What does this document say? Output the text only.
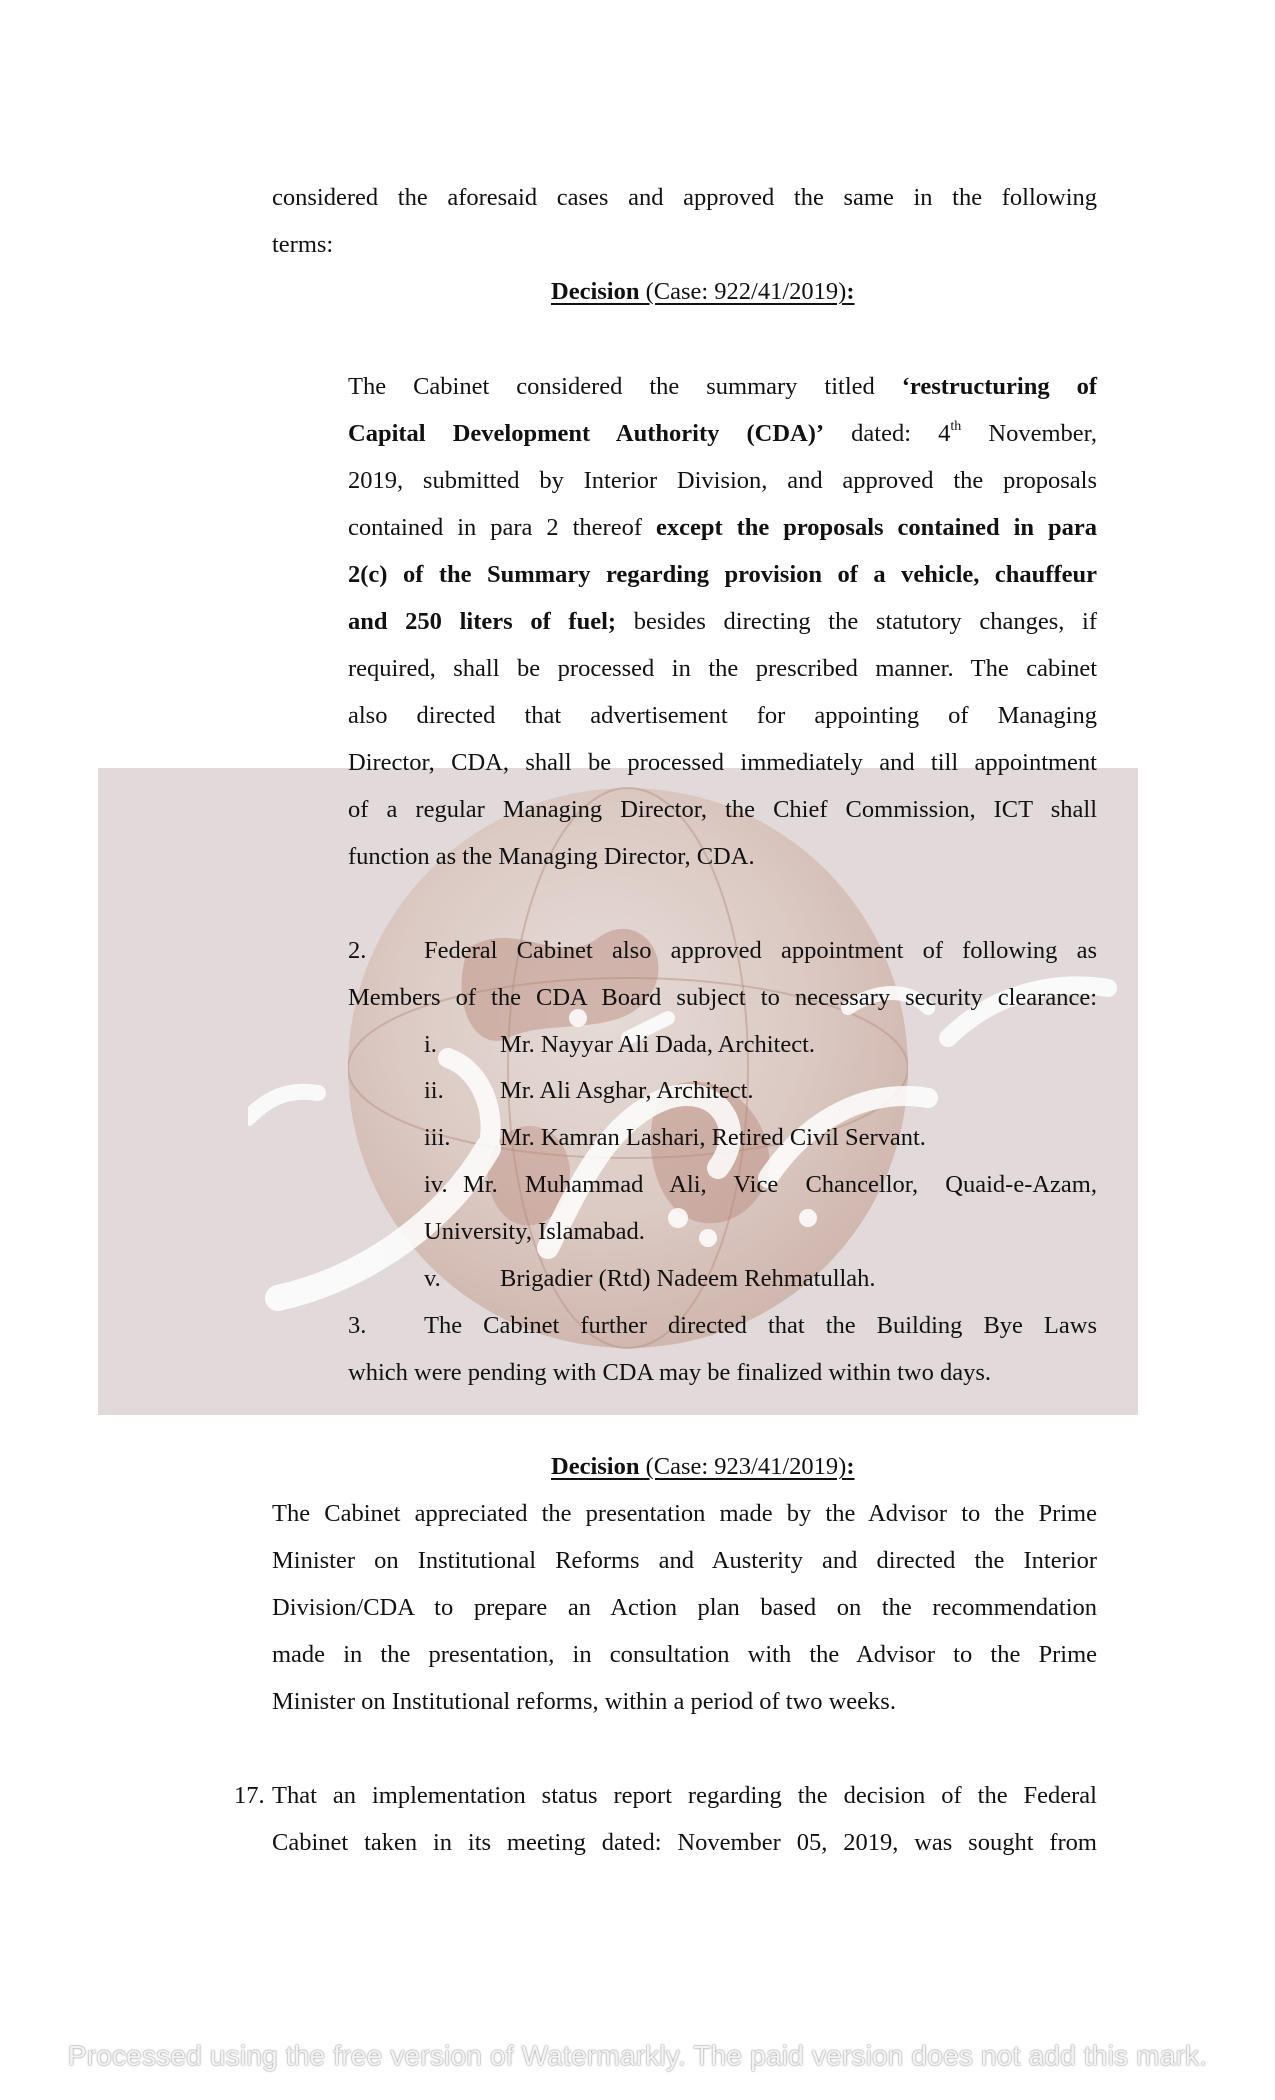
considered the aforesaid cases and approved the same in the following
terms:
Decision (Case: 922/41/2019):
The Cabinet considered the summary titled ‘restructuring of
Capital Development Authority (CDA)’ dated: 4th November,
2019, submitted by Interior Division, and approved the proposals
contained in para 2 thereof except the proposals contained in para
2(c) of the Summary regarding provision of a vehicle, chauffeur
and 250 liters of fuel; besides directing the statutory changes, if
required, shall be processed in the prescribed manner. The cabinet
also directed that advertisement for appointing of Managing
Director, CDA, shall be processed immediately and till appointment
of a regular Managing Director, the Chief Commission, ICT shall
function as the Managing Director, CDA.
2. Federal Cabinet also approved appointment of following as
Members of the CDA Board subject to necessary security clearance:
i.	Mr. Nayyar Ali Dada, Architect.
ii. Mr. Ali Asghar, Architect.
iii. Mr. Kamran Lashari, Retired Civil Servant.
iv. Mr. Muhammad Ali, Vice Chancellor, Quaid-e-Azam,
University, Islamabad.
v. Brigadier (Rtd) Nadeem Rehmatullah.
3. The Cabinet further directed that the Building Bye Laws
which were pending with CDA may be finalized within two days.
Decision (Case: 923/41/2019):
The Cabinet appreciated the presentation made by the Advisor to the Prime
Minister on Institutional Reforms and Austerity and directed the Interior
Division/CDA to prepare an Action plan based on the recommendation
made in the presentation, in consultation with the Advisor to the Prime
Minister on Institutional reforms, within a period of two weeks.
17. That an implementation status report regarding the decision of the Federal
Cabinet taken in its meeting dated: November 05, 2019, was sought from
Processed using the free version of Watermarkly. The paid version does not add this mark.
